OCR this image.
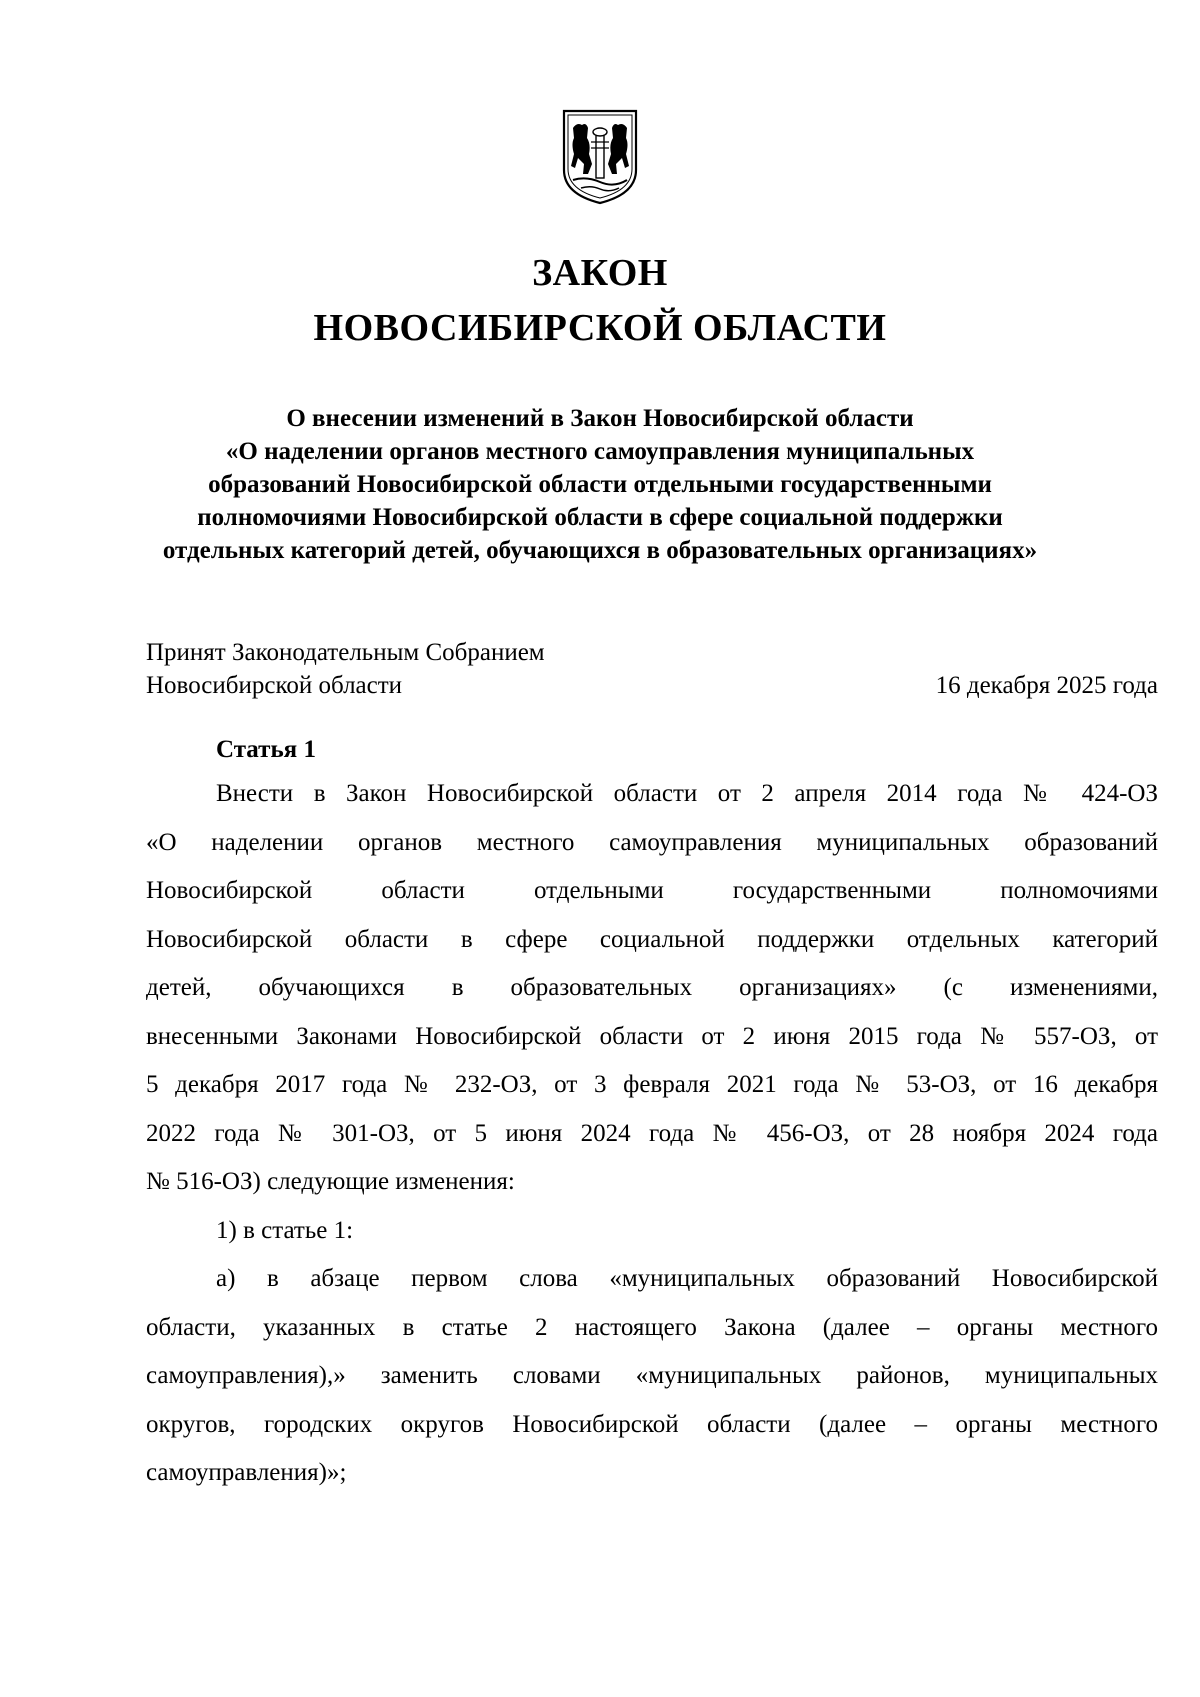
ЗАКОН
НОВОСИБИРСКОЙ ОБЛАСТИ
О внесении изменений в Закон Новосибирской области
«О наделении органов местного самоуправления муниципальных
образований Новосибирской области отдельными государственными
полномочиями Новосибирской области в сфере социальной поддержки
отдельных категорий детей, обучающихся в образовательных организациях»
Принят Законодательным Собранием
Новосибирской области	16 декабря 2025 года
Статья 1
Внести в Закон Новосибирской области от 2 апреля 2014 года № 424-ОЗ
«О наделении органов местного самоуправления муниципальных образований
Новосибирской области отдельными государственными полномочиями
Новосибирской области в сфере социальной поддержки отдельных категорий
детей, обучающихся в образовательных организациях» (с изменениями,
внесенными Законами Новосибирской области от 2 июня 2015 года № 557-ОЗ, от
5 декабря 2017 года № 232-ОЗ, от 3 февраля 2021 года № 53-ОЗ, от 16 декабря
2022 года № 301-ОЗ, от 5 июня 2024 года № 456-ОЗ, от 28 ноября 2024 года
№ 516-ОЗ) следующие изменения:
1) в статье 1:
а) в абзаце первом слова «муниципальных образований Новосибирской
области, указанных в статье 2 настоящего Закона (далее – органы местного
самоуправления),» заменить словами «муниципальных районов, муниципальных
округов, городских округов Новосибирской области (далее – органы местного
самоуправления)»;
